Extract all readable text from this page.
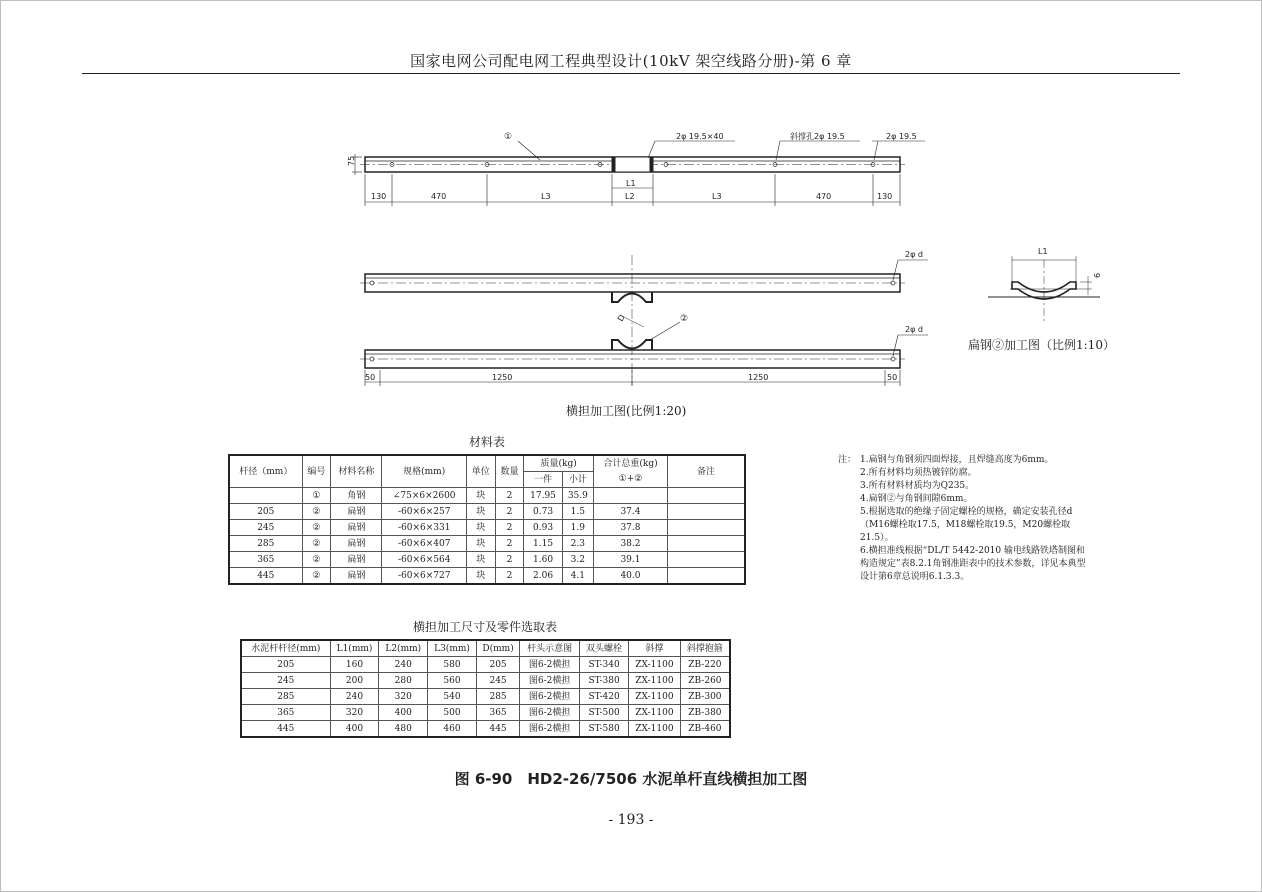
国家电网公司配电网工程典型设计(10kV 架空线路分册)-第 6 章
①	2φ 19.5×40	斜撑孔2φ 19.5	2φ 19.5
75
L1
130	470	L3	L2	L3	470	130
2φ d
2φ d
D	②
50	1250	1250	50
L1
6
扁钢②加工图（比例1:10）
横担加工图(比例1:20)
材料表
杆径（mm）	编号	材料名称	规格(mm)	单位	数量	质量(kg)		合计总重(kg)	备注
						一件	小计	①+②	
	①	角钢	∠75×6×2600	块	2	17.95	35.9		
205	②	扁钢	-60×6×257	块	2	0.73	1.5	37.4	
245	②	扁钢	-60×6×331	块	2	0.93	1.9	37.8	
285	②	扁钢	-60×6×407	块	2	1.15	2.3	38.2	
365	②	扁钢	-60×6×564	块	2	1.60	3.2	39.1	
445	②	扁钢	-60×6×727	块	2	2.06	4.1	40.0	
注： 1.扁钢与角钢须四面焊接，且焊缝高度为6mm。
2.所有材料均须热镀锌防腐。
3.所有材料材质均为Q235。
4.扁钢②与角钢间隙6mm。
5.根据选取的绝缘子固定螺栓的规格，确定安装孔径d（M16螺栓取17.5，M18螺栓取19.5，M20螺栓取21.5）。
6.横担准线根据“DL/T 5442-2010 输电线路铁塔制图和构造规定”表8.2.1角钢准距表中的技术参数，详见本典型设计第6章总说明6.1.3.3。
横担加工尺寸及零件选取表
水泥杆杆径(mm)	L1(mm)	L2(mm)	L3(mm)	D(mm)	杆头示意图	双头螺栓	斜撑	斜撑抱箍
205	160	240	580	205	图6-2横担	ST-340	ZX-1100	ZB-220
245	200	280	560	245	图6-2横担	ST-380	ZX-1100	ZB-260
285	240	320	540	285	图6-2横担	ST-420	ZX-1100	ZB-300
365	320	400	500	365	图6-2横担	ST-500	ZX-1100	ZB-380
445	400	480	460	445	图6-2横担	ST-580	ZX-1100	ZB-460
图 6-90　HD2-26/7506 水泥单杆直线横担加工图
- 193 -
